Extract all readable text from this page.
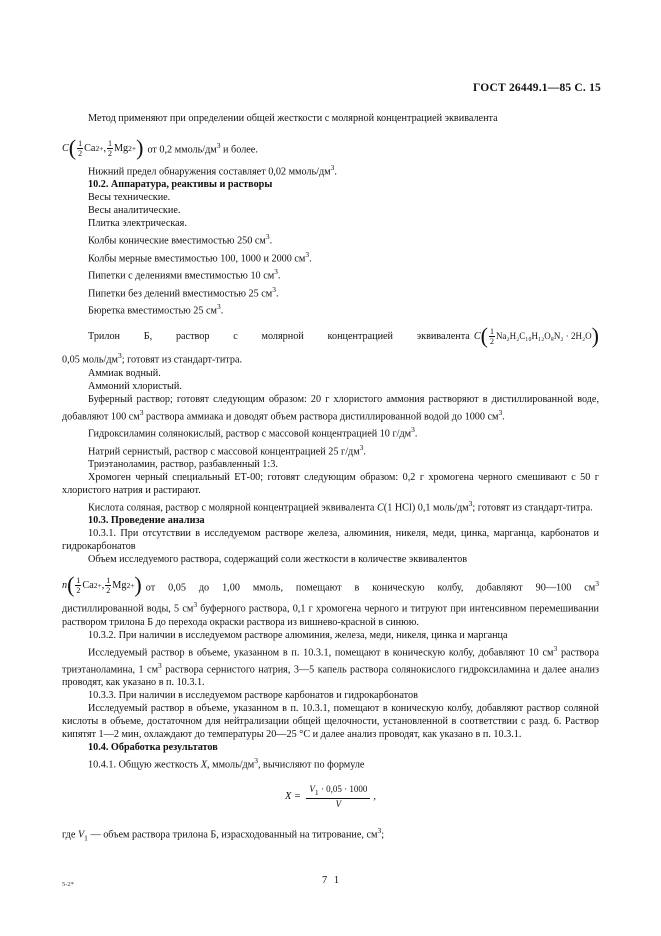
ГОСТ 26449.1—85 С. 15

Метод применяют при определении общей жесткости с молярной концентрацией эквивалента

C ( $\frac{1}{2}$ Ca 2+ , $\frac{1}{2}$ Mg 2+ ) от 0,2 ммоль/$дм^3$ и более.

Нижний предел обнаружения составляет 0,02 ммоль/$дм^3$.

10.2. Аппаратура, реактивы и растворы

Весы технические.

Весы аналитические.

Плитка электрическая.

Колбы конические вместимостью 250 $см^3$.

Колбы мерные вместимостью 100, 1000 и 2000 $см^3$.

Пипетки с делениями вместимостью 10 $см^3$.

Пипетки без делений вместимостью 25 $см^3$.

Бюретка вместимостью 25 $см^3$.

Трилон Б, раствор с молярной концентрацией эквивалента C ( $\frac{1}{2} Na_2H_2C_{10}H_{12}O_8N_2 \cdot 2H_2O$ )

0,05 моль/$дм^3$; готовят из стандарт-титра.

Аммиак водный.

Аммоний хлористый.

Буферный раствор; готовят следующим образом: 20 г хлористого аммония растворяют в дистиллированной воде, добавляют 100 $см^3$ раствора аммиака и доводят объем раствора дистиллированной водой до 1000 $см^3$.

Гидроксиламин солянокислый, раствор с массовой концентрацией 10 $г/дм^3$.

Натрий сернистый, раствор с массовой концентрацией 25 $г/дм^3$.

Триэтаноламин, раствор, разбавленный 1:3.

Хромоген черный специальный ЕТ-00; готовят следующим образом: 0,2 г хромогена черного смешивают с 50 г хлористого натрия и растирают.

Кислота соляная, раствор с молярной концентрацией эквивалента С(1 HCl) 0,1 моль/$дм^3$; готовят из стандарт-титра.

10.3. Проведение анализа

10.3.1. При отсутствии в исследуемом растворе железа, алюминия, никеля, меди, цинка, марганца, карбонатов и гидрокарбонатов

Объем исследуемого раствора, содержащий соли жесткости в количестве эквивалентов

n ( $\frac{1}{2}$ Ca 2+ , $\frac{1}{2}$ Mg 2+ ) от 0,05 до 1,00 ммоль, помещают в коническую колбу, добавляют 90—100 $см^3$

дистиллированной воды, 5 $см^3$ буферного раствора, 0,1 г хромогена черного и титруют при интенсивном перемешивании раствором трилона Б до перехода окраски раствора из вишнево-красной в синюю.

10.3.2. При наличии в исследуемом растворе алюминия, железа, меди, никеля, цинка и марганца

Исследуемый раствор в объеме, указанном в п. 10.3.1, помещают в коническую колбу, добавляют 10 $см^3$ раствора триэтаноламина, 1 $см^3$ раствора сернистого натрия, 3—5 капель раствора солянокислого гидроксиламина и далее анализ проводят, как указано в п. 10.3.1.

10.3.3. При наличии в исследуемом растворе карбонатов и гидрокарбонатов

Исследуемый раствор в объеме, указанном в п. 10.3.1, помещают в коническую колбу, добавляют раствор соляной кислоты в объеме, достаточном для нейтрализации общей щелочности, установленной в соответствии с разд. 6. Раствор кипятят 1—2 мин, охлаждают до температуры 20—25 °С и далее анализ проводят, как указано в п. 10.3.1.

10.4. Обработка результатов

10.4.1. Общую жесткость X, ммоль/$дм^3$, вычисляют по формуле

$X = \frac{V_1 \cdot 0,05 \cdot 1000}{V}$ ,

где $V_1$ — объем раствора трилона Б, израсходованный на титрование, $см^3$;

5-2*	7 1
